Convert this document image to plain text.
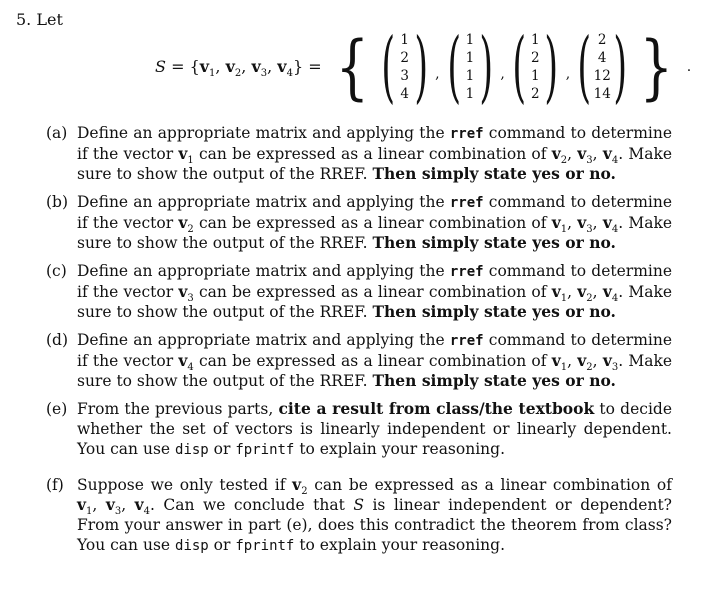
5. Let
$S = \{v_1$, $v_2$, $v_3$, $v_4$} = { ( 1
2
3
4 ) , ( 1
1
1
1 ) , ( 1
2
1
2 ) , ( 2
4
12
14 ) } .
(a) Define an appropriate matrix and applying the rref command to determine if the vector $v_1$ can be expressed as a linear combination of $v_2$, $v_3$, $v_4$. Make sure to show the output of the RREF. Then simply state yes or no.
(b) Define an appropriate matrix and applying the rref command to determine if the vector $v_2$ can be expressed as a linear combination of $v_1$, $v_3$, $v_4$. Make sure to show the output of the RREF. Then simply state yes or no.
(c) Define an appropriate matrix and applying the rref command to determine if the vector $v_3$ can be expressed as a linear combination of $v_1$, $v_2$, $v_4$. Make sure to show the output of the RREF. Then simply state yes or no.
(d) Define an appropriate matrix and applying the rref command to determine if the vector $v_4$ can be expressed as a linear combination of $v_1$, $v_2$, $v_3$. Make sure to show the output of the RREF. Then simply state yes or no.
(e) From the previous parts, cite a result from class/the textbook to decide whether the set of vectors is linearly independent or linearly dependent. You can use disp or fprintf to explain your reasoning.
(f) Suppose we only tested if $v_2$ can be expressed as a linear combination of $v_1$, $v_3$, $v_4$. Can we conclude that S is linear independent or dependent? From your answer in part (e), does this contradict the theorem from class? You can use disp or fprintf to explain your reasoning.
